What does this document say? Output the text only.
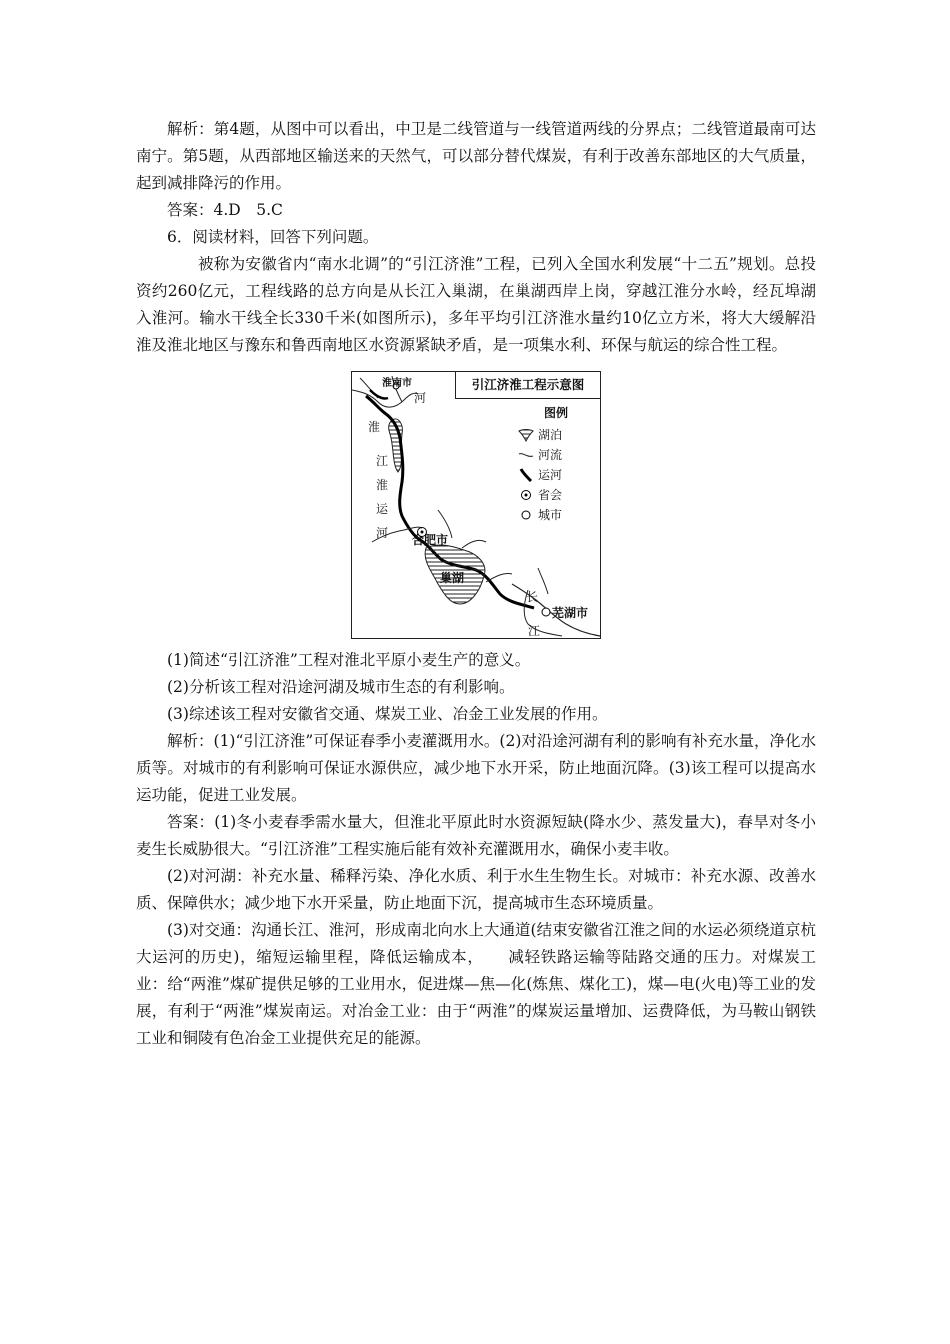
解析：第4题，从图中可以看出，中卫是二线管道与一线管道两线的分界点；二线管道最南可达南宁。第5题，从西部地区输送来的天然气，可以部分替代煤炭，有利于改善东部地区的大气质量，起到减排降污的作用。

答案：4.D　5.C

6．阅读材料，回答下列问题。

被称为安徽省内“南水北调”的“引江济淮”工程，已列入全国水利发展“十二五”规划。总投资约260亿元，工程线路的总方向是从长江入巢湖，在巢湖西岸上岗，穿越江淮分水岭，经瓦埠湖入淮河。输水干线全长330千米(如图所示)，多年平均引江济淮水量约10亿立方米，将大大缓解沿淮及淮北地区与豫东和鲁西南地区水资源紧缺矛盾，是一项集水利、环保与航运的综合性工程。

引江济淮工程示意图
图例
湖泊
河流
运河
省会
城市
淮南市
河
淮
江
淮
运
河 合肥市
巢湖
长
芜湖市
江

(1)简述“引江济淮”工程对淮北平原小麦生产的意义。

(2)分析该工程对沿途河湖及城市生态的有利影响。

(3)综述该工程对安徽省交通、煤炭工业、冶金工业发展的作用。

解析：(1)“引江济淮”可保证春季小麦灌溉用水。(2)对沿途河湖有利的影响有补充水量，净化水质等。对城市的有利影响可保证水源供应，减少地下水开采，防止地面沉降。(3)该工程可以提高水运功能，促进工业发展。

答案：(1)冬小麦春季需水量大，但淮北平原此时水资源短缺(降水少、蒸发量大)，春旱对冬小麦生长威胁很大。“引江济淮”工程实施后能有效补充灌溉用水，确保小麦丰收。

(2)对河湖：补充水量、稀释污染、净化水质、利于水生生物生长。对城市：补充水源、改善水质、保障供水；减少地下水开采量，防止地面下沉，提高城市生态环境质量。

(3)对交通：沟通长江、淮河，形成南北向水上大通道(结束安徽省江淮之间的水运必须绕道京杭大运河的历史)，缩短运输里程，降低运输成本，　　减轻铁路运输等陆路交通的压力。对煤炭工业：给“两淮”煤矿提供足够的工业用水，促进煤—焦—化(炼焦、煤化工)，煤—电(火电)等工业的发展，有利于“两淮”煤炭南运。对冶金工业：由于“两淮”的煤炭运量增加、运费降低，为马鞍山钢铁工业和铜陵有色冶金工业提供充足的能源。
